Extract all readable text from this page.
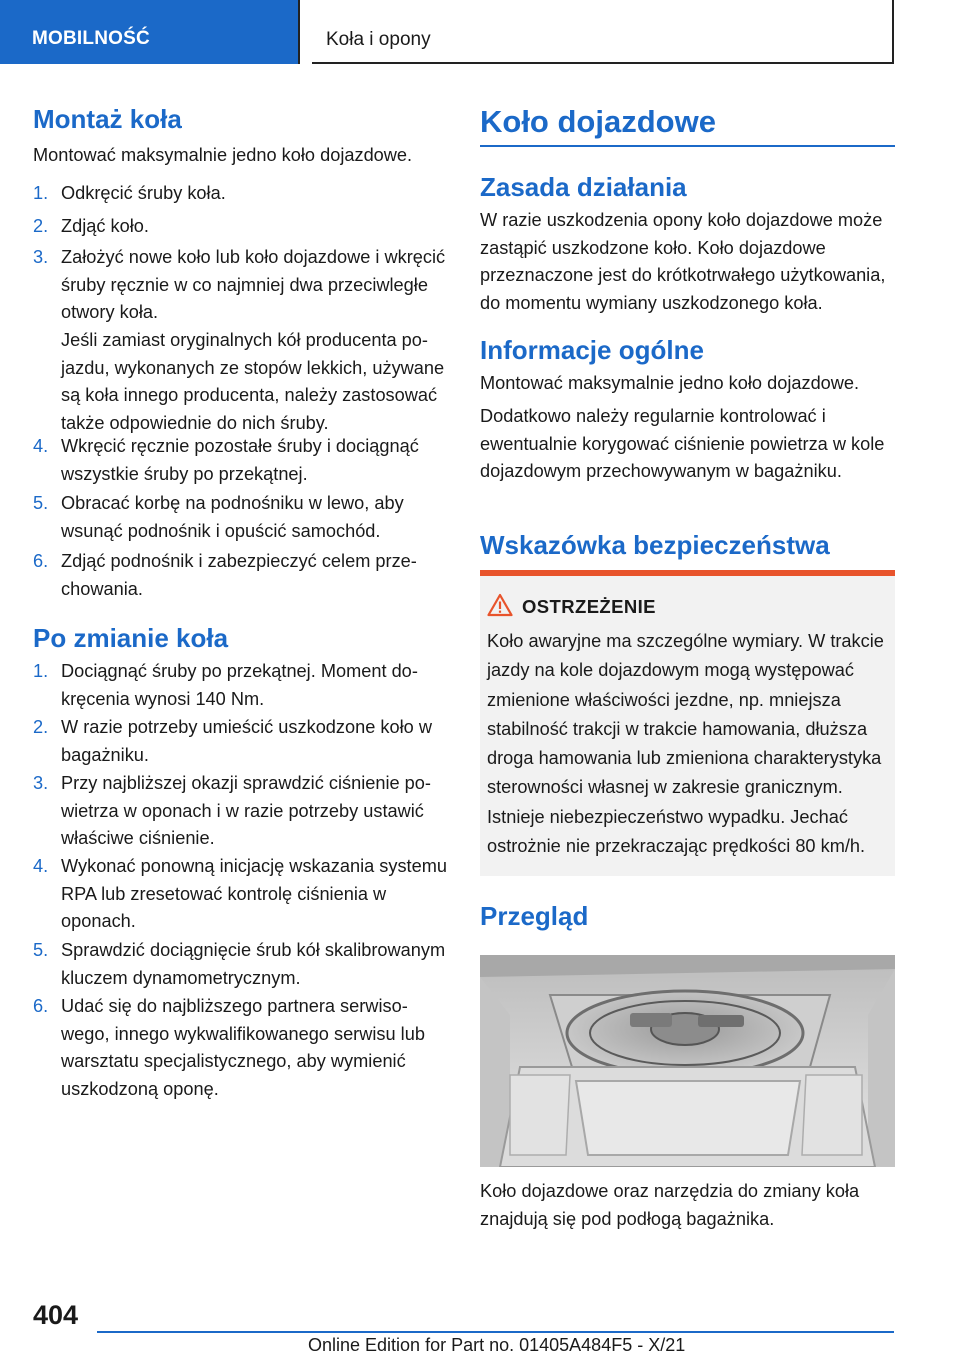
MOBILNOŚĆ	Koła i opony
Montaż koła
Montować maksymalnie jedno koło dojazdowe.
1. Odkręcić śruby koła.
2. Zdjąć koło.
3. Założyć nowe koło lub koło dojazdowe i wkręcić śruby ręcznie w co najmniej dwa przeciwległe otwory koła.
Jeśli zamiast oryginalnych kół producenta pojazdu, wykonanych ze stopów lekkich, używane są koła innego producenta, należy zastosować także odpowiednie do nich śruby.
4. Wkręcić ręcznie pozostałe śruby i dociągnąć wszystkie śruby po przekątnej.
5. Obracać korbę na podnośniku w lewo, aby wsunąć podnośnik i opuścić samochód.
6. Zdjąć podnośnik i zabezpieczyć celem przechowania.
Po zmianie koła
1. Dociągnąć śruby po przekątnej. Moment dokręcenia wynosi 140 Nm.
2. W razie potrzeby umieścić uszkodzone koło w bagażniku.
3. Przy najbliższej okazji sprawdzić ciśnienie powietrza w oponach i w razie potrzeby ustawić właściwe ciśnienie.
4. Wykonać ponowną inicjację wskazania systemu RPA lub zresetować kontrolę ciśnienia w oponach.
5. Sprawdzić dociągnięcie śrub kół skalibrowanym kluczem dynamometrycznym.
6. Udać się do najbliższego partnera serwisowego, innego wykwalifikowanego serwisu lub warsztatu specjalistycznego, aby wymienić uszkodzoną oponę.
Koło dojazdowe
Zasada działania
W razie uszkodzenia opony koło dojazdowe może zastąpić uszkodzone koło. Koło dojazdowe przeznaczone jest do krótkotrwałego użytkowania, do momentu wymiany uszkodzonego koła.
Informacje ogólne
Montować maksymalnie jedno koło dojazdowe.
Dodatkowo należy regularnie kontrolować i ewentualnie korygować ciśnienie powietrza w kole dojazdowym przechowywanym w bagażniku.
Wskazówka bezpieczeństwa
Przegląd
Koło dojazdowe oraz narzędzia do zmiany koła znajdują się pod podłogą bagażnika.
OSTRZEŻENIE
Koło awaryjne ma szczególne wymiary. W trakcie jazdy na kole dojazdowym mogą występować zmienione właściwości jezdne, np. mniejsza stabilność trakcji w trakcie hamowania, dłuższa droga hamowania lub zmieniona charakterystyka sterowności własnej w zakresie granicznym. Istnieje niebezpieczeństwo wypadku. Jechać ostrożnie nie przekraczając prędkości 80 km/h.
404
Online Edition for Part no. 01405A484F5 - X/21
